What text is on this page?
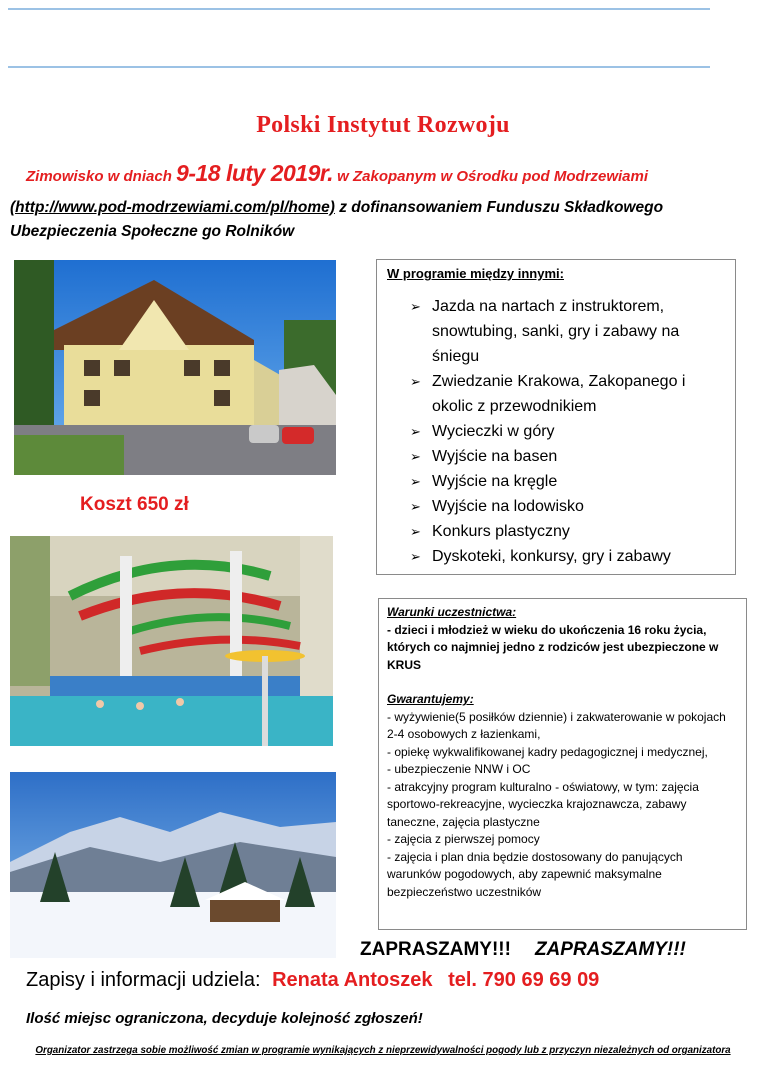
Polski Instytut Rozwoju
Zimowisko w dniach 9-18 luty 2019r. w Zakopanym w Ośrodku pod Modrzewiami
(http://www.pod-modrzewiami.com/pl/home) z dofinansowaniem Funduszu Składkowego Ubezpieczenia Społeczne go Rolników
Koszt 650 zł
W programie między innymi:
➢ Jazda na nartach z instruktorem, snowtubing, sanki, gry i zabawy na śniegu
➢ Zwiedzanie Krakowa, Zakopanego i okolic z przewodnikiem
➢ Wycieczki w góry
➢ Wyjście na basen
➢ Wyjście na kręgle
➢ Wyjście na lodowisko
➢ Konkurs plastyczny
➢ Dyskoteki, konkursy, gry i zabawy
Warunki uczestnictwa:
- dzieci i młodzież w wieku do ukończenia 16 roku życia, których co najmniej jedno z rodziców jest ubezpieczone w KRUS
Gwarantujemy:
- wyżywienie(5 posiłków dziennie) i zakwaterowanie w pokojach 2-4 osobowych z łazienkami,
- opiekę wykwalifikowanej kadry pedagogicznej i medycznej,
- ubezpieczenie NNW i OC
- atrakcyjny program kulturalno - oświatowy, w tym: zajęcia sportowo-rekreacyjne, wycieczka krajoznawcza, zabawy taneczne, zajęcia plastyczne
- zajęcia z pierwszej pomocy
- zajęcia i plan dnia będzie dostosowany do panujących warunków pogodowych, aby zapewnić maksymalne bezpieczeństwo uczestników
ZAPRASZAMY!!! ZAPRASZAMY!!!
Zapisy i informacji udziela: Renata Antoszek tel. 790 69 69 09
Ilość miejsc ograniczona, decyduje kolejność zgłoszeń!
Organizator zastrzega sobie możliwość zmian w programie wynikających z nieprzewidywalności pogody lub z przyczyn niezależnych od organizatora
